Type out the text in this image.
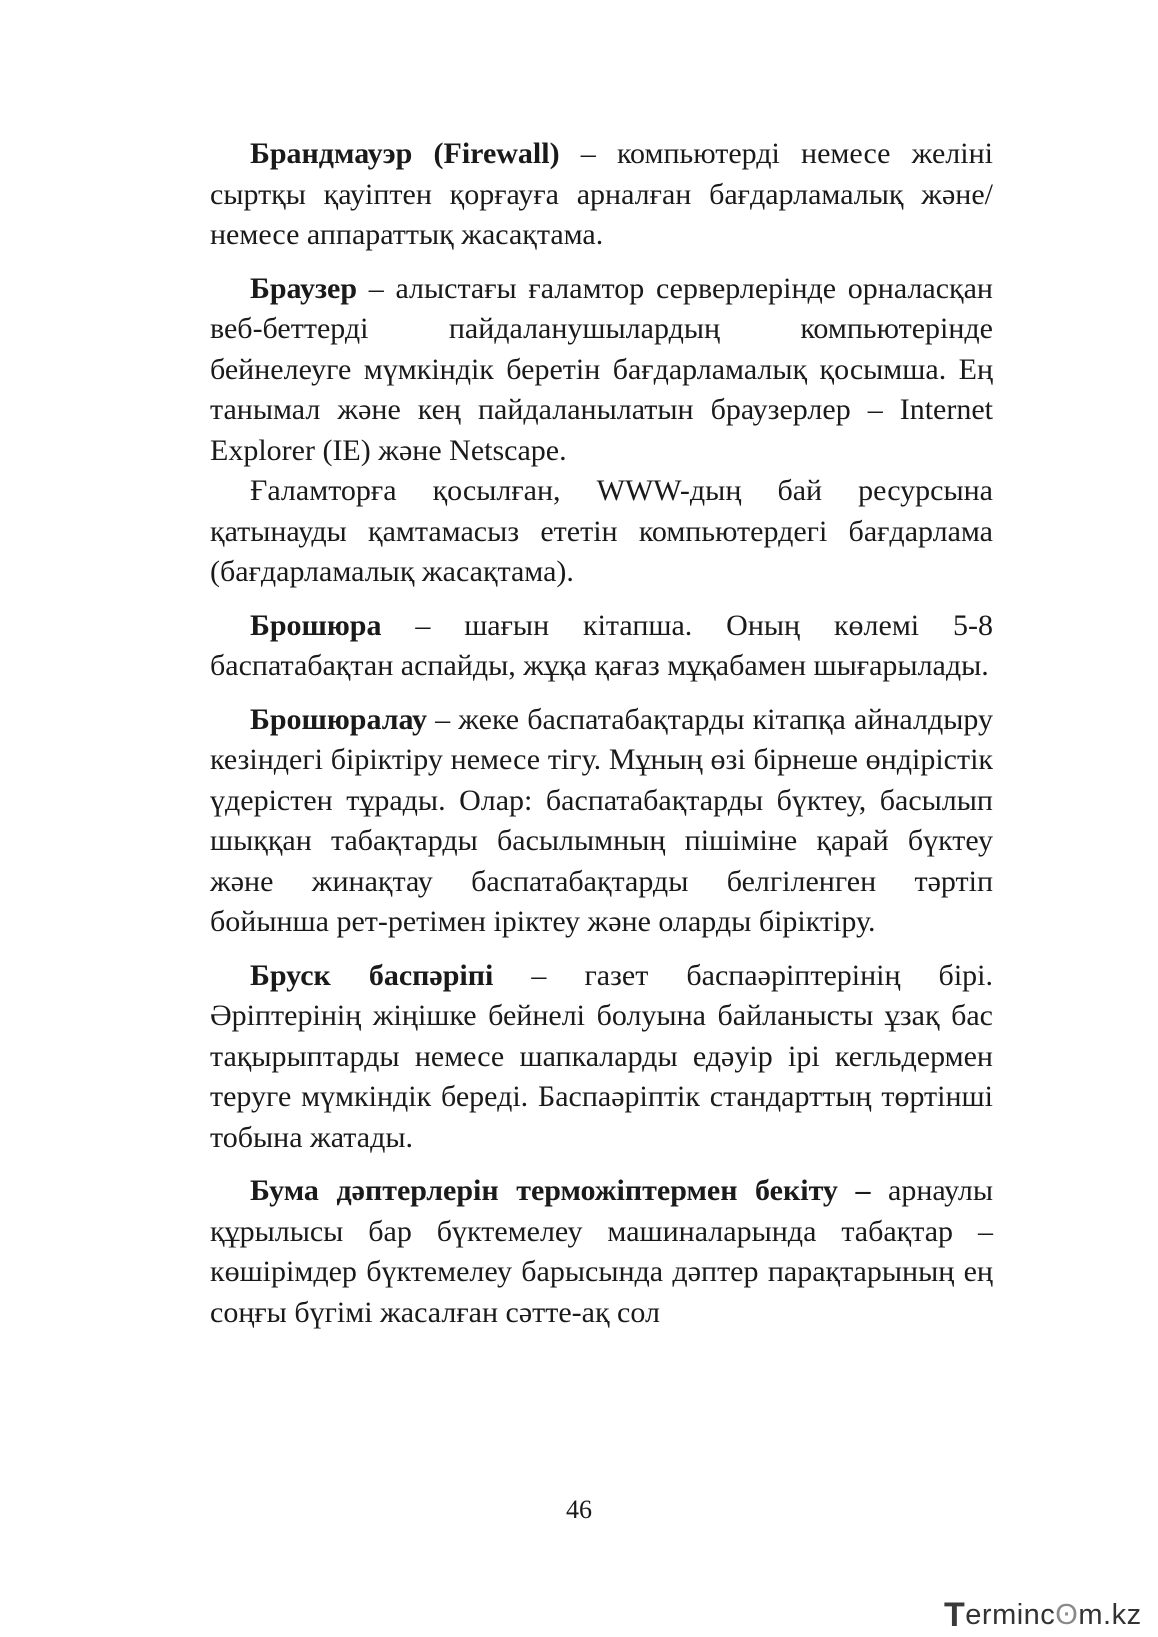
Брандмауэр (Firewall) – компьютерді немесе желіні сыртқы қауіптен қорғауға арналған бағдарламалық және/немесе аппараттық жасақтама.

Браузер – алыстағы ғаламтор серверлерінде орналасқан веб-беттерді пайдаланушылардың компьютерінде бейнелеуге мүмкіндік беретін бағдарламалық қосымша. Ең танымал және кең пайдаланылатын браузерлер – Internet Explorer (IE) және Netscape.

Ғаламторға қосылған, WWW-дың бай ресурсына қатынауды қамтамасыз ететін компьютердегі бағдарлама (бағдарламалық жасақтама).

Брошюра – шағын кітапша. Оның көлемі 5-8 баспатабақтан аспайды, жұқа қағаз мұқабамен шығарылады.

Брошюралау – жеке баспатабақтарды кітапқа айналдыру кезіндегі біріктіру немесе тігу. Мұның өзі бірнеше өндірістік үдерістен тұрады. Олар: баспатабақтарды бүктеу, басылып шыққан табақтарды басылымның пішіміне қарай бүктеу және жинақтау баспатабақтарды белгіленген тәртіп бойынша рет-ретімен іріктеу және оларды біріктіру.

Бруск баспәріпі – газет баспаәріптерінің бірі. Әріптерінің жіңішке бейнелі болуына байланысты ұзақ бас тақырыптарды немесе шапкаларды едәуір ірі кегльдермен теруге мүмкіндік береді. Баспаәріптік стандарттың төртінші тобына жатады.

Бума дәптерлерін терможіптермен бекіту – арнаулы құрылысы бар бүктемелеу машиналарында табақтар – көшірімдер бүктемелеу барысында дәптер парақтарының ең соңғы бүгімі жасалған сәтте-ақ сол

46
T erminc ʘ m.kz
